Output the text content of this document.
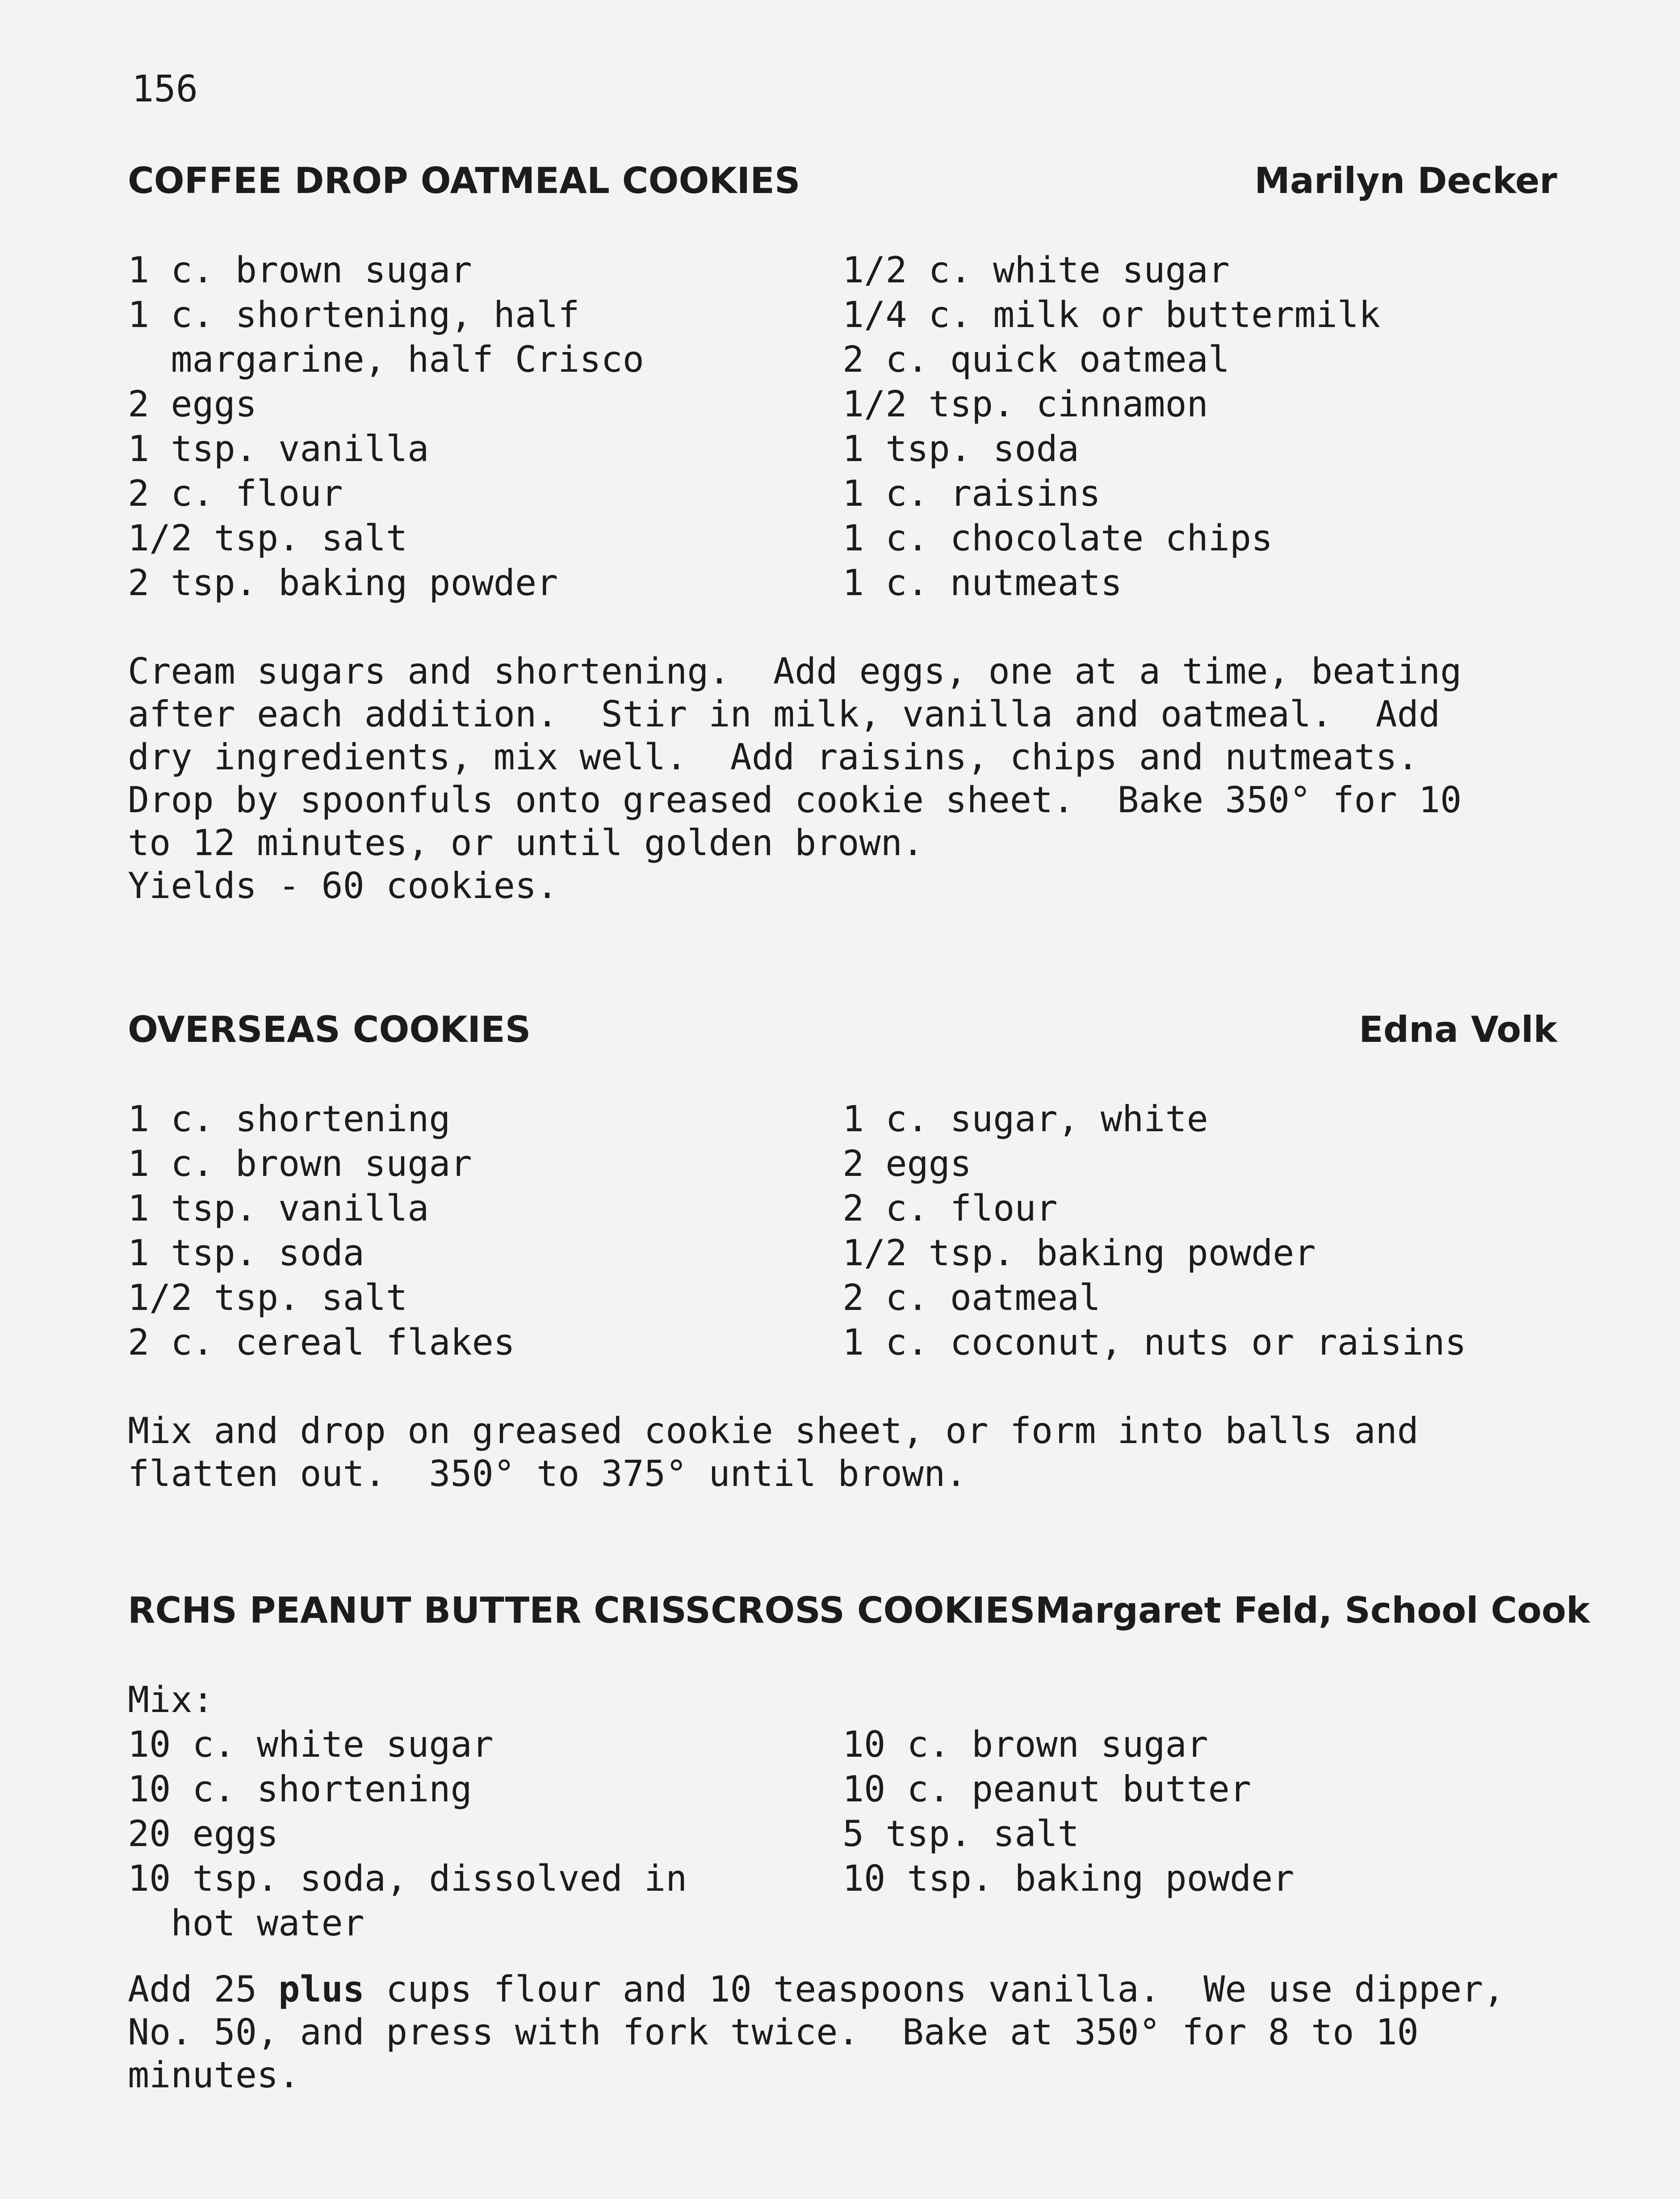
156
COFFEE DROP OATMEAL COOKIES	Marilyn Decker
1 c. brown sugar
1 c. shortening, half
margarine, half Crisco
2 eggs
1 tsp. vanilla
2 c. flour
1/2 tsp. salt
2 tsp. baking powder
1/2 c. white sugar
1/4 c. milk or buttermilk
2 c. quick oatmeal
1/2 tsp. cinnamon
1 tsp. soda
1 c. raisins
1 c. chocolate chips
1 c. nutmeats
Cream sugars and shortening.  Add eggs, one at a time, beating
after each addition.  Stir in milk, vanilla and oatmeal.  Add
dry ingredients, mix well.  Add raisins, chips and nutmeats.
Drop by spoonfuls onto greased cookie sheet.  Bake 350° for 10
to 12 minutes, or until golden brown.
Yields - 60 cookies.
OVERSEAS COOKIES	Edna Volk
1 c. shortening
1 c. brown sugar
1 tsp. vanilla
1 tsp. soda
1/2 tsp. salt
2 c. cereal flakes
1 c. sugar, white
2 eggs
2 c. flour
1/2 tsp. baking powder
2 c. oatmeal
1 c. coconut, nuts or raisins
Mix and drop on greased cookie sheet, or form into balls and
flatten out.  350° to 375° until brown.
RCHS PEANUT BUTTER CRISSCROSS COOKIES Margaret Feld, School Cook
Mix:
10 c. white sugar
10 c. shortening
20 eggs
10 tsp. soda, dissolved in
hot water
10 c. brown sugar
10 c. peanut butter
5 tsp. salt
10 tsp. baking powder
Add 25 plus cups flour and 10 teaspoons vanilla.  We use dipper,
No. 50, and press with fork twice.  Bake at 350° for 8 to 10
minutes.
